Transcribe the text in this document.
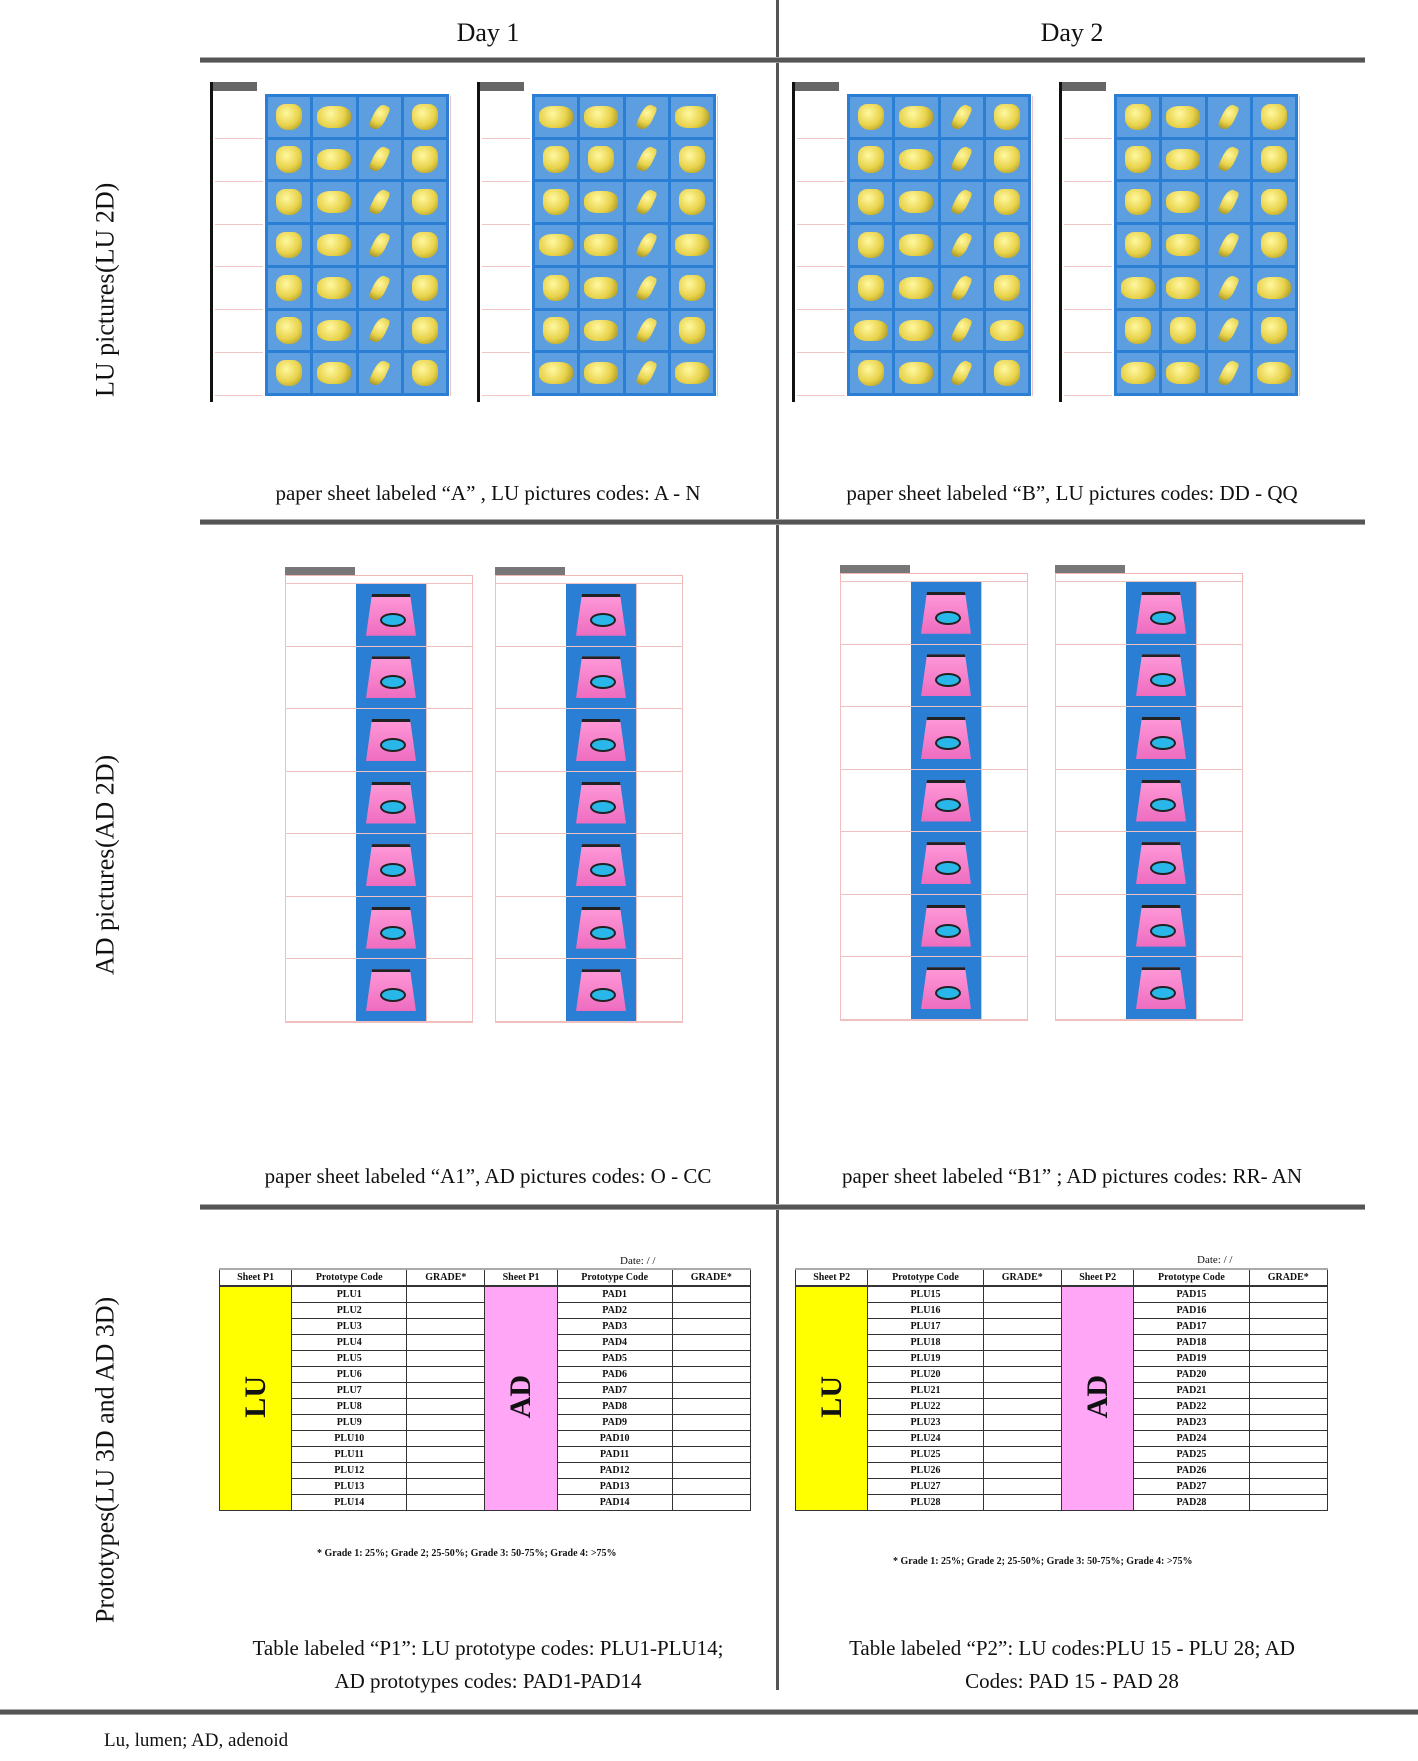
Day 1	Day 2
LU pictures
(LU 2D)
AD pictures
(AD 2D)
Prototypes
(LU 3D and AD 3D)
paper sheet labeled “A” , LU pictures codes: A - N	paper sheet labeled “B”, LU pictures codes: DD - QQ
paper sheet labeled “A1”, AD pictures codes: O - CC	paper sheet labeled “B1” ; AD pictures codes: RR- AN
Date: / /
Sheet P1	Prototype Code	GRADE*	Sheet P1	Prototype Code	GRADE*
LU	PLU1		AD	PAD1	
	PLU2			PAD2	
	PLU3			PAD3	
	PLU4			PAD4	
	PLU5			PAD5	
	PLU6			PAD6	
	PLU7			PAD7	
	PLU8			PAD8	
	PLU9			PAD9	
	PLU10			PAD10	
	PLU11			PAD11	
	PLU12			PAD12	
	PLU13			PAD13	
	PLU14			PAD14	
* Grade 1: 25%; Grade 2; 25-50%; Grade 3: 50-75%; Grade 4: >75%
Date: / /
Sheet P2	Prototype Code	GRADE*	Sheet P2	Prototype Code	GRADE*
LU	PLU15		AD	PAD15	
	PLU16			PAD16	
	PLU17			PAD17	
	PLU18			PAD18	
	PLU19			PAD19	
	PLU20			PAD20	
	PLU21			PAD21	
	PLU22			PAD22	
	PLU23			PAD23	
	PLU24			PAD24	
	PLU25			PAD25	
	PLU26			PAD26	
	PLU27			PAD27	
	PLU28			PAD28	
* Grade 1: 25%; Grade 2; 25-50%; Grade 3: 50-75%; Grade 4: >75%
Table labeled “P1”: LU prototype codes: PLU1-PLU14;
AD prototypes codes: PAD1-PAD14
Table labeled “P2”: LU codes:PLU 15 - PLU 28; AD
Codes: PAD 15 - PAD 28
Lu, lumen; AD, adenoid
